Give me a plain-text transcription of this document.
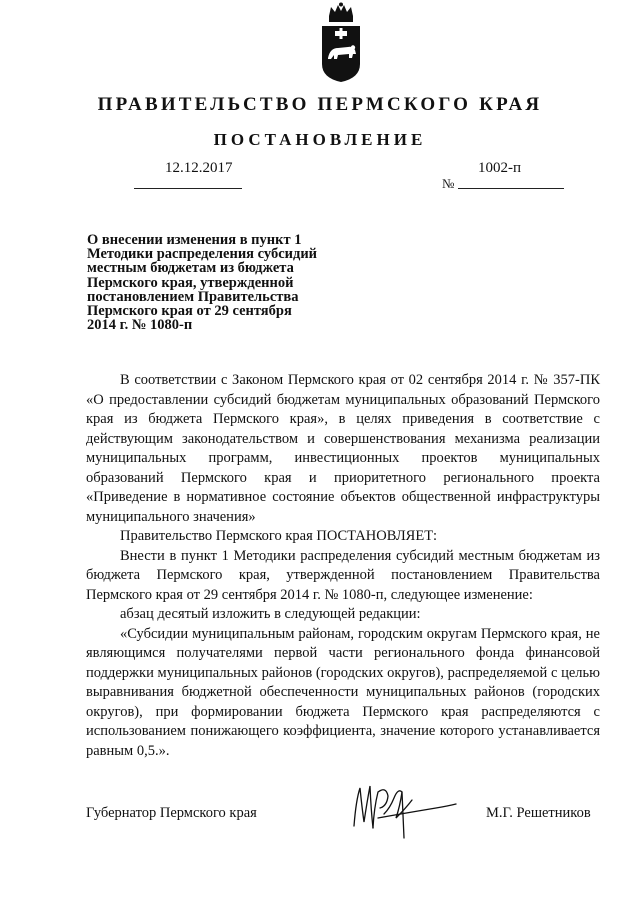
ПРАВИТЕЛЬСТВО ПЕРМСКОГО КРАЯ
ПОСТАНОВЛЕНИЕ
12.12.2017	1002-п
№
О внесении изменения в пункт 1
Методики распределения субсидий
местным бюджетам из бюджета
Пермского края, утвержденной
постановлением Правительства
Пермского края от 29 сентября
2014 г. № 1080-п

В соответствии с Законом Пермского края от 02 сентября 2014 г. № 357-ПК «О предоставлении субсидий бюджетам муниципальных образований Пермского края из бюджета Пермского края», в целях приведения в соответствие с действующим законодательством и совершенствования механизма реализации муниципальных программ, инвестиционных проектов муниципальных образований Пермского края и приоритетного регионального проекта «Приведение в нормативное состояние объектов общественной инфраструктуры муниципального значения»

Правительство Пермского края ПОСТАНОВЛЯЕТ:

Внести в пункт 1 Методики распределения субсидий местным бюджетам из бюджета Пермского края, утвержденной постановлением Правительства Пермского края от 29 сентября 2014 г. № 1080-п, следующее изменение:

абзац десятый изложить в следующей редакции:

«Субсидии муниципальным районам, городским округам Пермского края, не являющимся получателями первой части регионального фонда финансовой поддержки муниципальных районов (городских округов), распределяемой с целью выравнивания бюджетной обеспеченности муниципальных районов (городских округов), при формировании бюджета Пермского края распределяются с использованием понижающего коэффициента, значение которого устанавливается равным 0,5.».

Губернатор Пермского края	М.Г. Решетников
